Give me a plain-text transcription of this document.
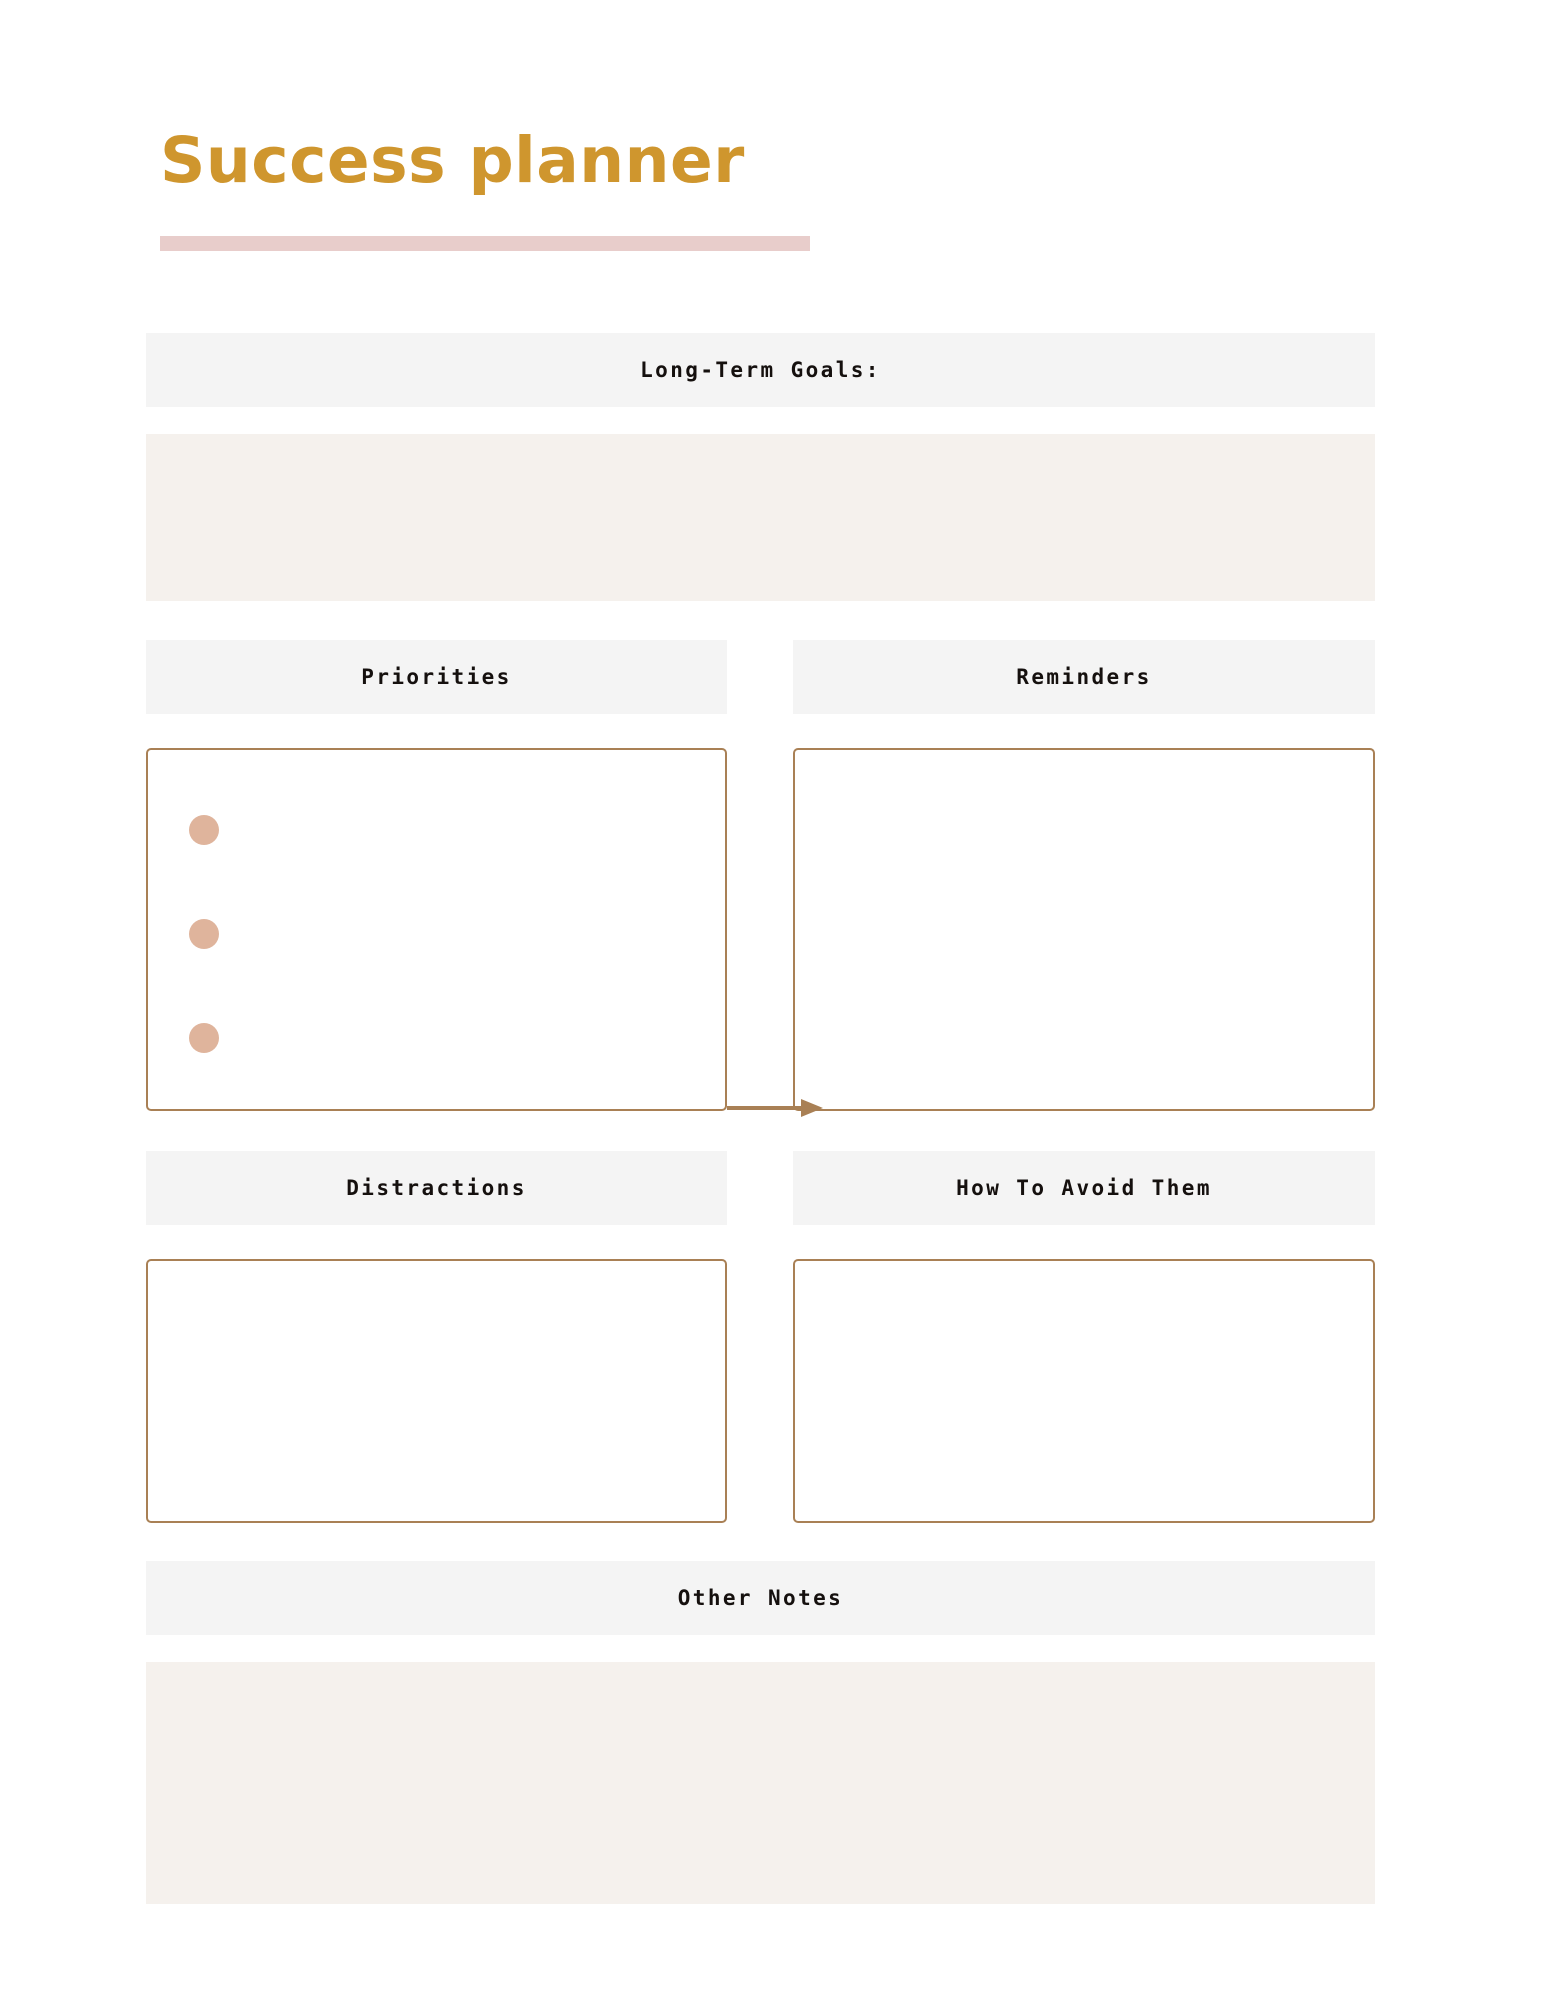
Success planner
Long-Term Goals:
Priorities	Reminders
Distractions	How To Avoid Them
Other Notes
